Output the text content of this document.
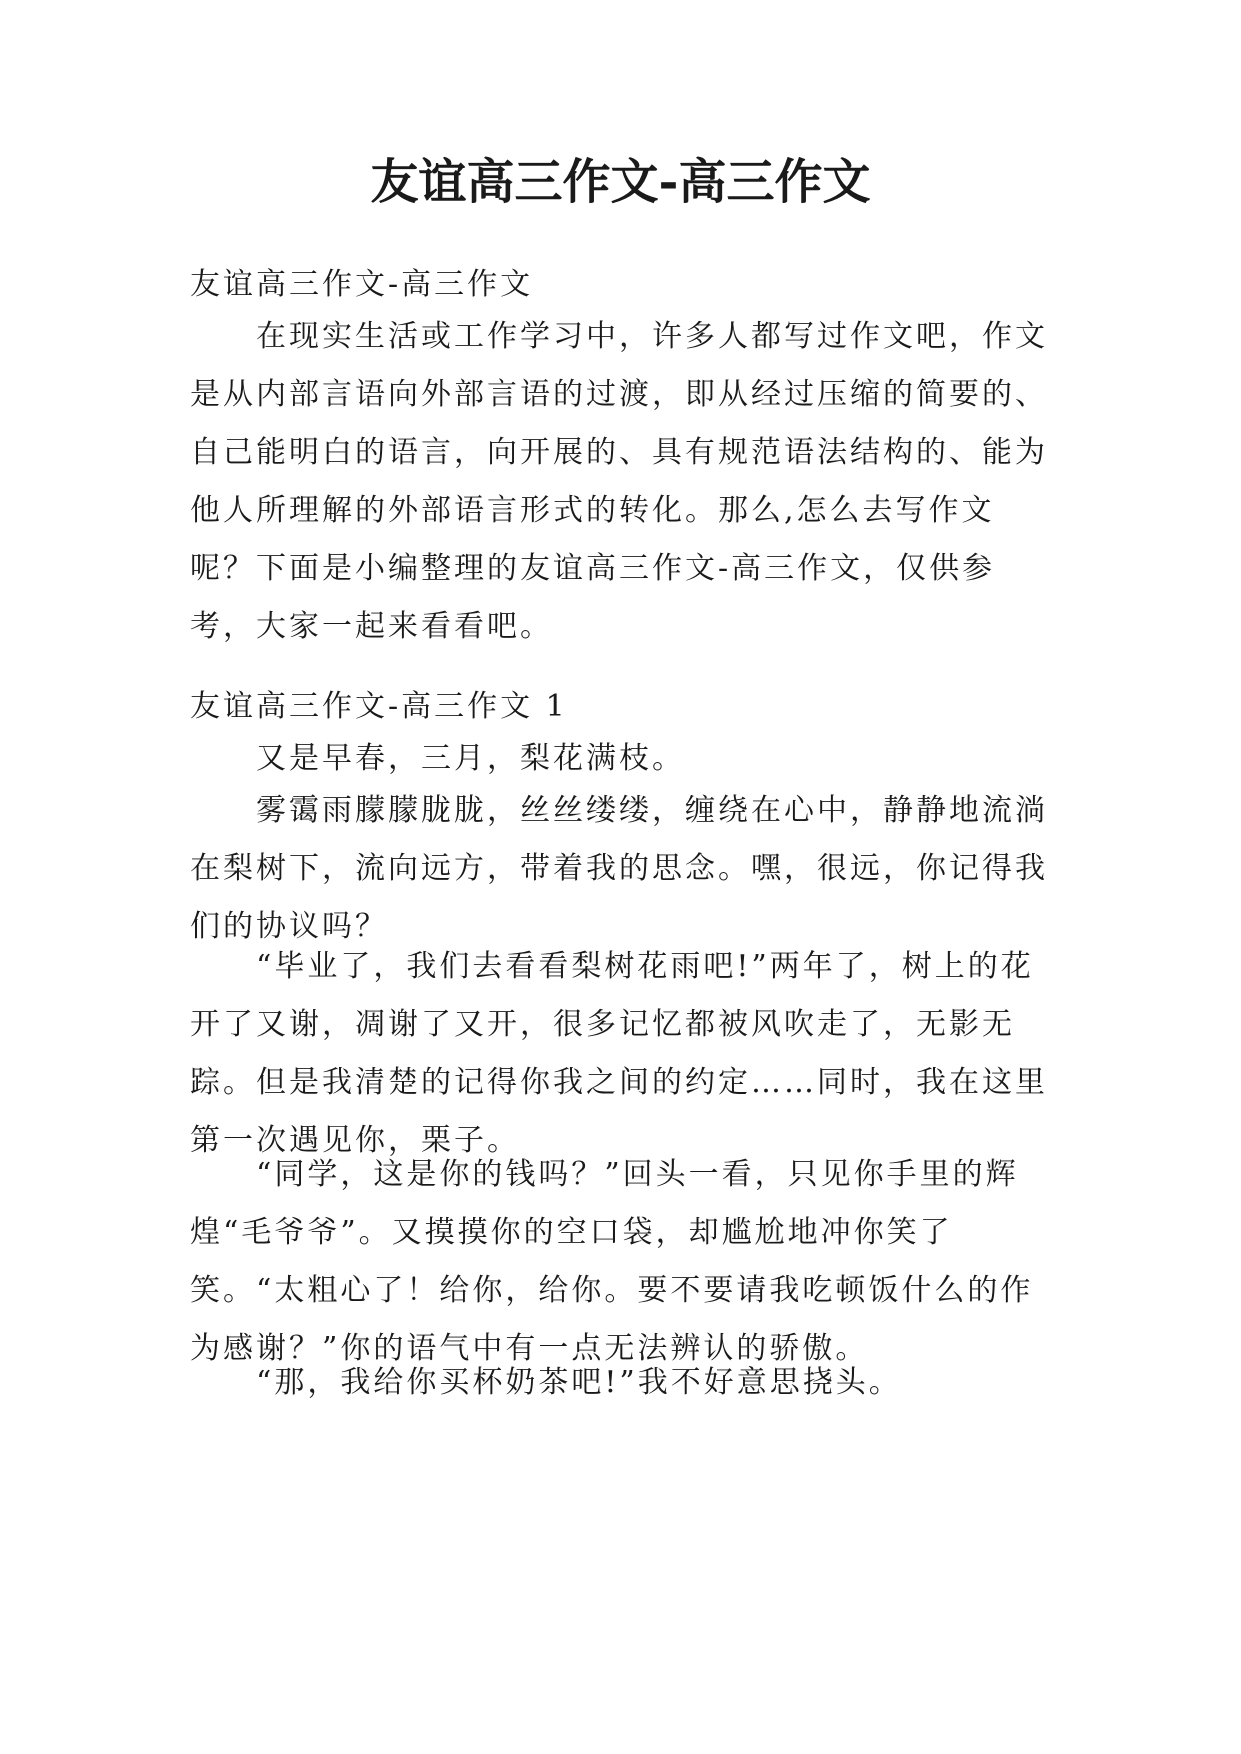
友谊高三作文-高三作文

友谊高三作文-高三作文

在现实生活或工作学习中，许多人都写过作文吧，作文是从内部言语向外部言语的过渡，即从经过压缩的简要的、自己能明白的语言，向开展的、具有规范语法结构的、能为他人所理解的外部语言形式的转化。那么,怎么去写作文呢？下面是小编整理的友谊高三作文-高三作文，仅供参考，大家一起来看看吧。

友谊高三作文-高三作文 1

又是早春，三月，梨花满枝。

雾霭雨朦朦胧胧，丝丝缕缕，缠绕在心中，静静地流淌在梨树下，流向远方，带着我的思念。嘿，很远，你记得我们的协议吗？

“毕业了，我们去看看梨树花雨吧!”两年了，树上的花开了又谢，凋谢了又开，很多记忆都被风吹走了，无影无踪。但是我清楚的记得你我之间的约定……同时，我在这里第一次遇见你，栗子。

“同学，这是你的钱吗？”回头一看，只见你手里的辉煌“毛爷爷”。又摸摸你的空口袋，却尴尬地冲你笑了笑。“太粗心了！给你，给你。要不要请我吃顿饭什么的作为感谢？”你的语气中有一点无法辨认的骄傲。

“那，我给你买杯奶茶吧!”我不好意思挠头。
